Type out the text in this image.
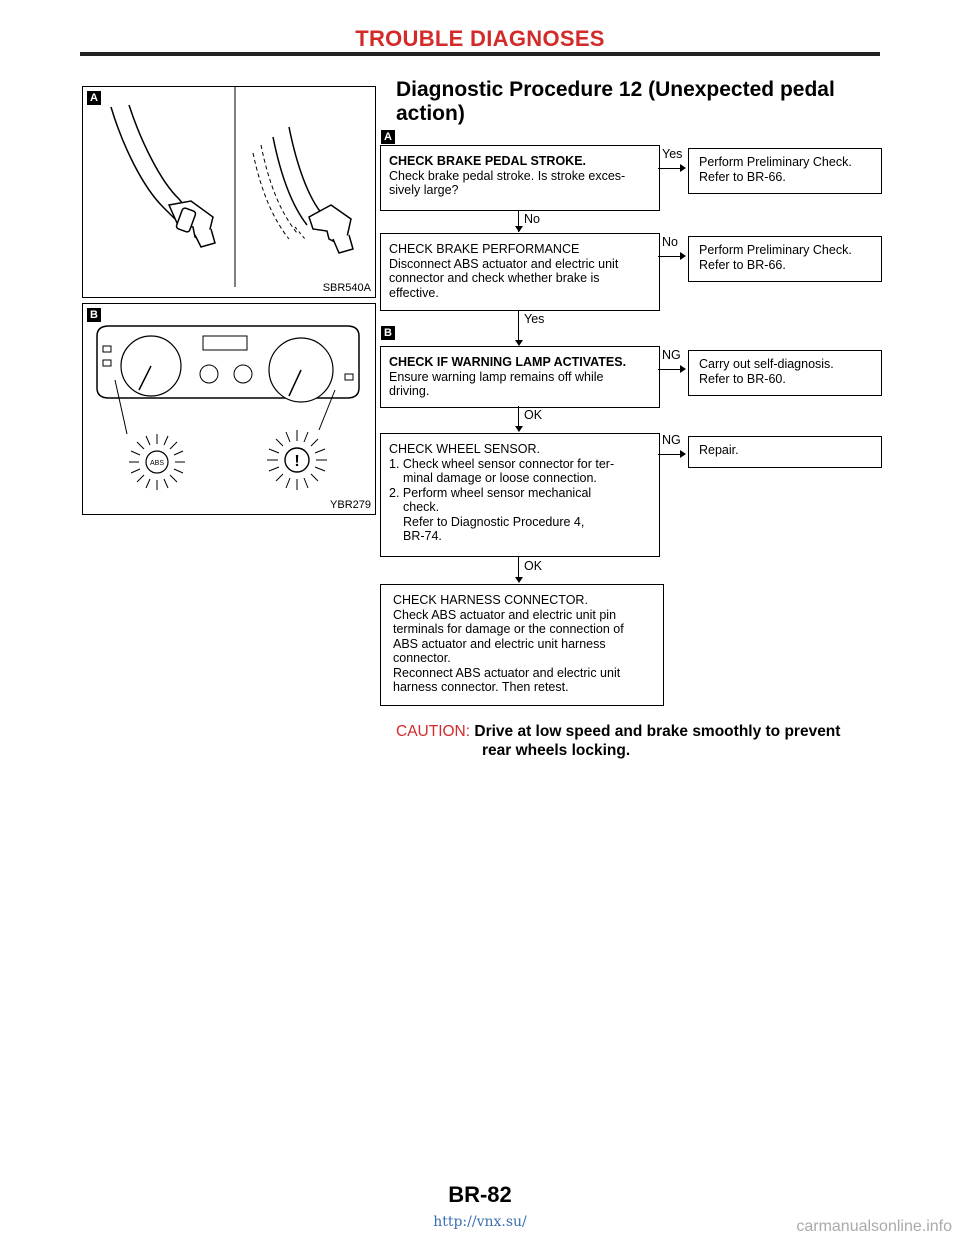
TROUBLE DIAGNOSES
A
SBR540A
B
ABS	!
YBR279
Diagnostic Procedure 12 (Unexpected pedal action)
A
CHECK BRAKE PEDAL STROKE.
Check brake pedal stroke. Is stroke exces-
sively large?
Yes
Perform Preliminary Check.
Refer to BR-66.
No
CHECK BRAKE PERFORMANCE
Disconnect ABS actuator and electric unit
connector and check whether brake is
effective.
No
Perform Preliminary Check.
Refer to BR-66.
Yes
B
CHECK IF WARNING LAMP ACTIVATES.
Ensure warning lamp remains off while
driving.
NG
Carry out self-diagnosis.
Refer to BR-60.
OK
CHECK WHEEL SENSOR.
1. Check wheel sensor connector for ter-
minal damage or loose connection.
2. Perform wheel sensor mechanical
check.
Refer to Diagnostic Procedure 4,
BR-74.
NG
Repair.
OK
CHECK HARNESS CONNECTOR.
Check ABS actuator and electric unit pin
terminals for damage or the connection of
ABS actuator and electric unit harness
connector.
Reconnect ABS actuator and electric unit
harness connector. Then retest.
CAUTION: Drive at low speed and brake smoothly to prevent
rear wheels locking.
BR-82
http://vnx.su/	carmanualsonline.info
